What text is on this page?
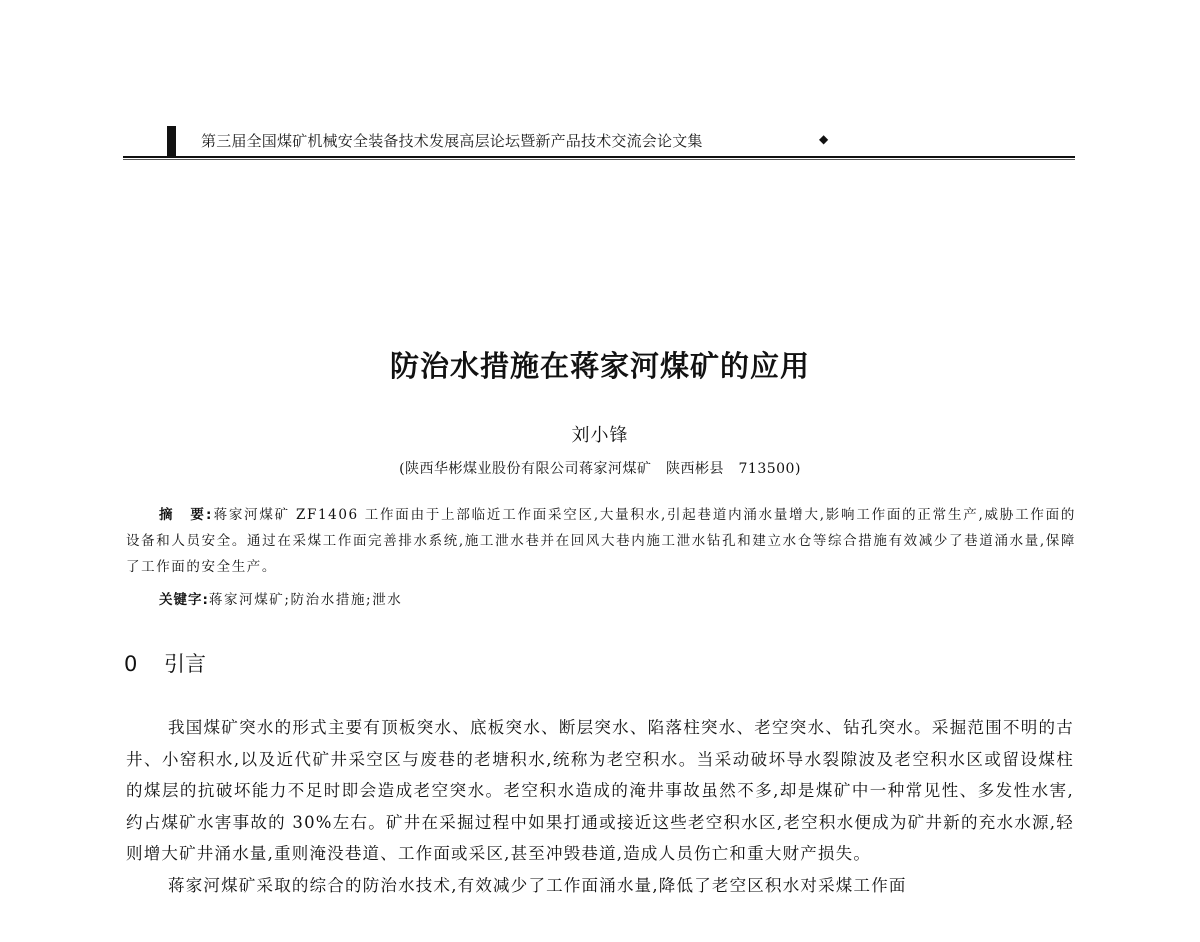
第三届全国煤矿机械安全装备技术发展高层论坛暨新产品技术交流会论文集	◆
防治水措施在蒋家河煤矿的应用
刘小锋
(陕西华彬煤业股份有限公司蒋家河煤矿　陕西彬县　713500)
摘　要:蒋家河煤矿 ZF1406 工作面由于上部临近工作面采空区,大量积水,引起巷道内涌水量增大,影响工作面的正常生产,威胁工作面的设备和人员安全。通过在采煤工作面完善排水系统,施工泄水巷并在回风大巷内施工泄水钻孔和建立水仓等综合措施有效减少了巷道涌水量,保障了工作面的安全生产。
关键字:蒋家河煤矿;防治水措施;泄水
0 引言

我国煤矿突水的形式主要有顶板突水、底板突水、断层突水、陷落柱突水、老空突水、钻孔突水。采掘范围不明的古井、小窑积水,以及近代矿井采空区与废巷的老塘积水,统称为老空积水。当采动破坏导水裂隙波及老空积水区或留设煤柱的煤层的抗破坏能力不足时即会造成老空突水。老空积水造成的淹井事故虽然不多,却是煤矿中一种常见性、多发性水害,约占煤矿水害事故的 30%左右。矿井在采掘过程中如果打通或接近这些老空积水区,老空积水便成为矿井新的充水水源,轻则增大矿井涌水量,重则淹没巷道、工作面或采区,甚至冲毁巷道,造成人员伤亡和重大财产损失。

蒋家河煤矿采取的综合的防治水技术,有效减少了工作面涌水量,降低了老空区积水对采煤工作面
